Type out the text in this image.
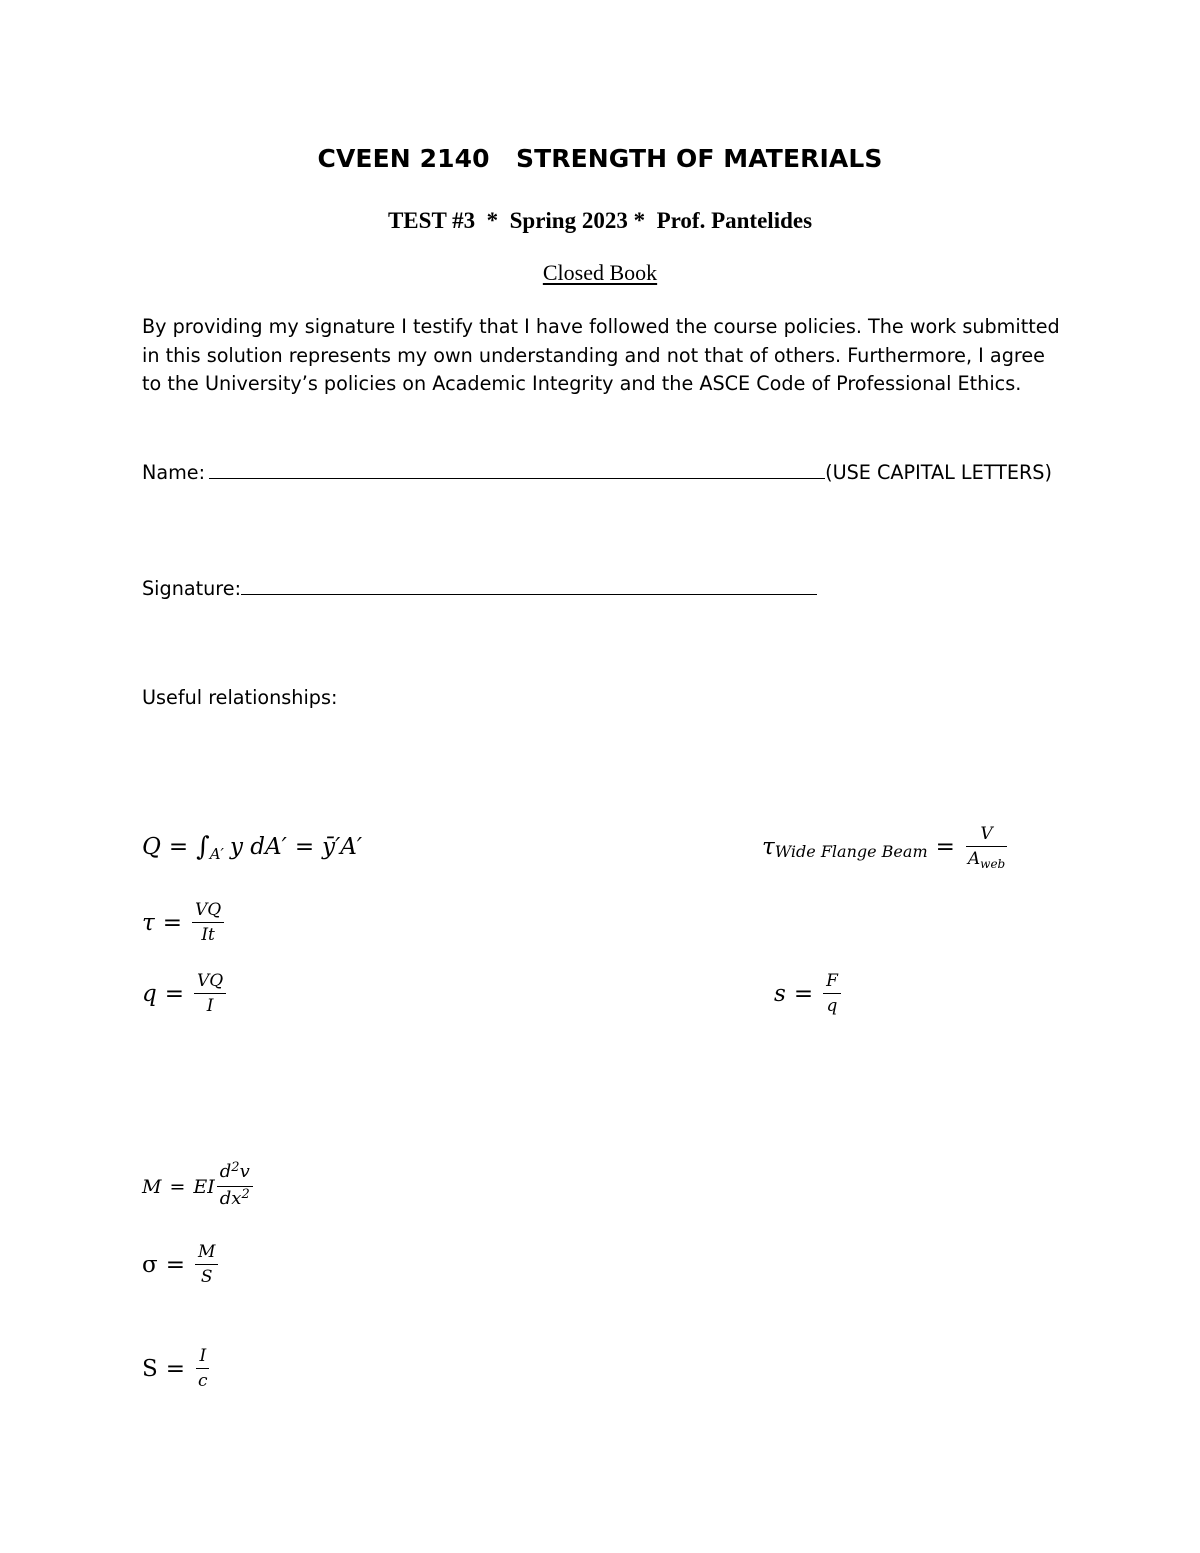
CVEEN 2140   STRENGTH OF MATERIALS
TEST #3  *  Spring 2023 *  Prof. Pantelides
Closed Book
By providing my signature I testify that I have followed the course policies. The work submitted
in this solution represents my own understanding and not that of others. Furthermore, I agree
to the University’s policies on Academic Integrity and the ASCE Code of Professional Ethics.
Name:	(USE CAPITAL LETTERS)
Signature:
Useful relationships:
Q = ∫ A′ y dA′ = ȳ′A′	τ Wide Flange Beam = $\frac{V}{A_{web}}$
$\tau = \frac{VQ}{It}$
$q = \frac{VQ}{I}$	$s = \frac{F}{q}$
M = EI $\frac{d^2v}{dx^2}$
$\sigma = \frac{M}{S}$
$S = \frac{I}{c}$
